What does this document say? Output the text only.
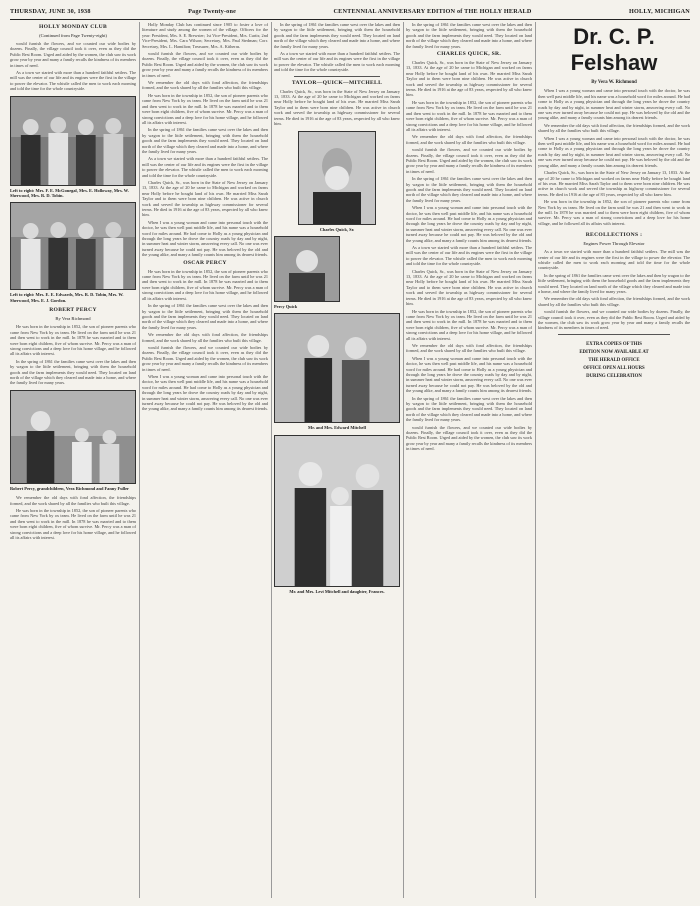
THURSDAY, JUNE 30, 1938	Page Twenty-one	CENTENNIAL ANNIVERSARY EDITION of THE HOLLY HERALD	HOLLY, MICHIGAN
HOLLY MONDAY CLUB
(Continued from Page Twenty-eight)

would furnish the flowers, and we counted our wide bodies by dozens. Finally, the village council took it over, even as they did the Public Rest Room. Urged and aided by the women, the club saw its work grow year by year and many a family recalls the kindness of its members in times of need.

As a town we started with more than a hundred faithful settlers. The mill was the center of our life and its engines were the first in the village to power the elevator. The whistle called the men to work each morning and told the time for the whole countryside.

Left to right: Mrs. F. E. McGonegal, Mrs. E. Holloway, Mrs. W. Sherwood, Mrs. R. D. Tobin.
Left to right: Mrs. E. E. Edwards, Mrs. R. D. Tobin, Mrs. W. Sherwood, Mrs. E. J. Gordon.
ROBERT PERCY
By Vera Richmond

He was born in the township in 1852, the son of pioneer parents who came from New York by ox team. He lived on the farm until he was 21 and then went to work in the mill. In 1878 he was married and to them were born eight children, five of whom survive. Mr. Percy was a man of strong convictions and a deep love for his home village, and he followed all its affairs with interest.

In the spring of 1861 the families came west over the lakes and then by wagon to the little settlement, bringing with them the household goods and the farm implements they would need. They located on land north of the village which they cleared and made into a home, and where the family lived for many years.

Robert Percy, grandchildren, Vera Richmond and Fanny Fuller

We remember the old days with fond affection, the friendships formed, and the work shared by all the families who built this village.

He was born in the township in 1852, the son of pioneer parents who came from New York by ox team. He lived on the farm until he was 21 and then went to work in the mill. In 1878 he was married and to them were born eight children, five of whom survive. Mr. Percy was a man of strong convictions and a deep love for his home village, and he followed all its affairs with interest.

Holly Monday Club has continued since 1905 to foster a love of literature and study among the women of the village. Officers for the year: President, Mrs. S. E. Brewster; 1st Vice-President, Mrs. Curtis; 2nd Vice-President, Mrs. Cara Wilson; Secretary, Mrs. Paul Stedman; Corr. Secretary, Mrs. L. Hamilton; Treasurer, Mrs. A. Kitheras.

would furnish the flowers, and we counted our wide bodies by dozens. Finally, the village council took it over, even as they did the Public Rest Room. Urged and aided by the women, the club saw its work grow year by year and many a family recalls the kindness of its members in times of need.

We remember the old days with fond affection, the friendships formed, and the work shared by all the families who built this village.

He was born in the township in 1852, the son of pioneer parents who came from New York by ox team. He lived on the farm until he was 21 and then went to work in the mill. In 1878 he was married and to them were born eight children, five of whom survive. Mr. Percy was a man of strong convictions and a deep love for his home village, and he followed all its affairs with interest.

In the spring of 1861 the families came west over the lakes and then by wagon to the little settlement, bringing with them the household goods and the farm implements they would need. They located on land north of the village which they cleared and made into a home, and where the family lived for many years.

As a town we started with more than a hundred faithful settlers. The mill was the center of our life and its engines were the first in the village to power the elevator. The whistle called the men to work each morning and told the time for the whole countryside.

Charles Quick, Sr., was born in the State of New Jersey on January 13, 1833. At the age of 20 he came to Michigan and worked on farms near Holly before he bought land of his own. He married Miss Sarah Taylor and to them were born nine children. He was active in church work and served the township as highway commissioner for several terms. He died in 1916 at the age of 83 years, respected by all who knew him.

When I was a young woman and came into personal touch with the doctor, he was then well past middle life, and his name was a household word for miles around. He had come to Holly as a young physician and through the long years he drove the country roads by day and by night, in summer heat and winter storm, answering every call. No one was ever turned away because he could not pay. He was beloved by the old and the young alike, and many a family counts him among its dearest friends.

OSCAR PERCY

He was born in the township in 1852, the son of pioneer parents who came from New York by ox team. He lived on the farm until he was 21 and then went to work in the mill. In 1878 he was married and to them were born eight children, five of whom survive. Mr. Percy was a man of strong convictions and a deep love for his home village, and he followed all its affairs with interest.

In the spring of 1861 the families came west over the lakes and then by wagon to the little settlement, bringing with them the household goods and the farm implements they would need. They located on land north of the village which they cleared and made into a home, and where the family lived for many years.

We remember the old days with fond affection, the friendships formed, and the work shared by all the families who built this village.

would furnish the flowers, and we counted our wide bodies by dozens. Finally, the village council took it over, even as they did the Public Rest Room. Urged and aided by the women, the club saw its work grow year by year and many a family recalls the kindness of its members in times of need.

When I was a young woman and came into personal touch with the doctor, he was then well past middle life, and his name was a household word for miles around. He had come to Holly as a young physician and through the long years he drove the country roads by day and by night, in summer heat and winter storm, answering every call. No one was ever turned away because he could not pay. He was beloved by the old and the young alike, and many a family counts him among its dearest friends.

In the spring of 1861 the families came west over the lakes and then by wagon to the little settlement, bringing with them the household goods and the farm implements they would need. They located on land north of the village which they cleared and made into a home, and where the family lived for many years.

As a town we started with more than a hundred faithful settlers. The mill was the center of our life and its engines were the first in the village to power the elevator. The whistle called the men to work each morning and told the time for the whole countryside.

TAYLOR—QUICK—MITCHELL

Charles Quick, Sr., was born in the State of New Jersey on January 13, 1833. At the age of 20 he came to Michigan and worked on farms near Holly before he bought land of his own. He married Miss Sarah Taylor and to them were born nine children. He was active in church work and served the township as highway commissioner for several terms. He died in 1916 at the age of 83 years, respected by all who knew him.

Charles Quick, Sr.
Percy Quick
Mr. and Mrs. Edward Mitchell
Mr. and Mrs. Levi Mitchell and daughter, Frances.

In the spring of 1861 the families came west over the lakes and then by wagon to the little settlement, bringing with them the household goods and the farm implements they would need. They located on land north of the village which they cleared and made into a home, and where the family lived for many years.

CHARLES QUICK, SR.

Charles Quick, Sr., was born in the State of New Jersey on January 13, 1833. At the age of 20 he came to Michigan and worked on farms near Holly before he bought land of his own. He married Miss Sarah Taylor and to them were born nine children. He was active in church work and served the township as highway commissioner for several terms. He died in 1916 at the age of 83 years, respected by all who knew him.

He was born in the township in 1852, the son of pioneer parents who came from New York by ox team. He lived on the farm until he was 21 and then went to work in the mill. In 1878 he was married and to them were born eight children, five of whom survive. Mr. Percy was a man of strong convictions and a deep love for his home village, and he followed all its affairs with interest.

We remember the old days with fond affection, the friendships formed, and the work shared by all the families who built this village.

would furnish the flowers, and we counted our wide bodies by dozens. Finally, the village council took it over, even as they did the Public Rest Room. Urged and aided by the women, the club saw its work grow year by year and many a family recalls the kindness of its members in times of need.

In the spring of 1861 the families came west over the lakes and then by wagon to the little settlement, bringing with them the household goods and the farm implements they would need. They located on land north of the village which they cleared and made into a home, and where the family lived for many years.

When I was a young woman and came into personal touch with the doctor, he was then well past middle life, and his name was a household word for miles around. He had come to Holly as a young physician and through the long years he drove the country roads by day and by night, in summer heat and winter storm, answering every call. No one was ever turned away because he could not pay. He was beloved by the old and the young alike, and many a family counts him among its dearest friends.

As a town we started with more than a hundred faithful settlers. The mill was the center of our life and its engines were the first in the village to power the elevator. The whistle called the men to work each morning and told the time for the whole countryside.

Charles Quick, Sr., was born in the State of New Jersey on January 13, 1833. At the age of 20 he came to Michigan and worked on farms near Holly before he bought land of his own. He married Miss Sarah Taylor and to them were born nine children. He was active in church work and served the township as highway commissioner for several terms. He died in 1916 at the age of 83 years, respected by all who knew him.

He was born in the township in 1852, the son of pioneer parents who came from New York by ox team. He lived on the farm until he was 21 and then went to work in the mill. In 1878 he was married and to them were born eight children, five of whom survive. Mr. Percy was a man of strong convictions and a deep love for his home village, and he followed all its affairs with interest.

We remember the old days with fond affection, the friendships formed, and the work shared by all the families who built this village.

When I was a young woman and came into personal touch with the doctor, he was then well past middle life, and his name was a household word for miles around. He had come to Holly as a young physician and through the long years he drove the country roads by day and by night, in summer heat and winter storm, answering every call. No one was ever turned away because he could not pay. He was beloved by the old and the young alike, and many a family counts him among its dearest friends.

In the spring of 1861 the families came west over the lakes and then by wagon to the little settlement, bringing with them the household goods and the farm implements they would need. They located on land north of the village which they cleared and made into a home, and where the family lived for many years.

would furnish the flowers, and we counted our wide bodies by dozens. Finally, the village council took it over, even as they did the Public Rest Room. Urged and aided by the women, the club saw its work grow year by year and many a family recalls the kindness of its members in times of need.

Dr. C. P. Felshaw
By Vera W. Richmond

When I was a young woman and came into personal touch with the doctor, he was then well past middle life, and his name was a household word for miles around. He had come to Holly as a young physician and through the long years he drove the country roads by day and by night, in summer heat and winter storm, answering every call. No one was ever turned away because he could not pay. He was beloved by the old and the young alike, and many a family counts him among its dearest friends.

We remember the old days with fond affection, the friendships formed, and the work shared by all the families who built this village.

When I was a young woman and came into personal touch with the doctor, he was then well past middle life, and his name was a household word for miles around. He had come to Holly as a young physician and through the long years he drove the country roads by day and by night, in summer heat and winter storm, answering every call. No one was ever turned away because he could not pay. He was beloved by the old and the young alike, and many a family counts him among its dearest friends.

Charles Quick, Sr., was born in the State of New Jersey on January 13, 1833. At the age of 20 he came to Michigan and worked on farms near Holly before he bought land of his own. He married Miss Sarah Taylor and to them were born nine children. He was active in church work and served the township as highway commissioner for several terms. He died in 1916 at the age of 83 years, respected by all who knew him.

He was born in the township in 1852, the son of pioneer parents who came from New York by ox team. He lived on the farm until he was 21 and then went to work in the mill. In 1878 he was married and to them were born eight children, five of whom survive. Mr. Percy was a man of strong convictions and a deep love for his home village, and he followed all its affairs with interest.

RECOLLECTIONS :
Engines Power Through Elevator

As a town we started with more than a hundred faithful settlers. The mill was the center of our life and its engines were the first in the village to power the elevator. The whistle called the men to work each morning and told the time for the whole countryside.

In the spring of 1861 the families came west over the lakes and then by wagon to the little settlement, bringing with them the household goods and the farm implements they would need. They located on land north of the village which they cleared and made into a home, and where the family lived for many years.

We remember the old days with fond affection, the friendships formed, and the work shared by all the families who built this village.

would furnish the flowers, and we counted our wide bodies by dozens. Finally, the village council took it over, even as they did the Public Rest Room. Urged and aided by the women, the club saw its work grow year by year and many a family recalls the kindness of its members in times of need.

EXTRA COPIES OF THIS
EDITION NOW AVAILABLE AT
THE HERALD OFFICE
OFFICE OPEN ALL HOURS
DURING CELEBRATION
